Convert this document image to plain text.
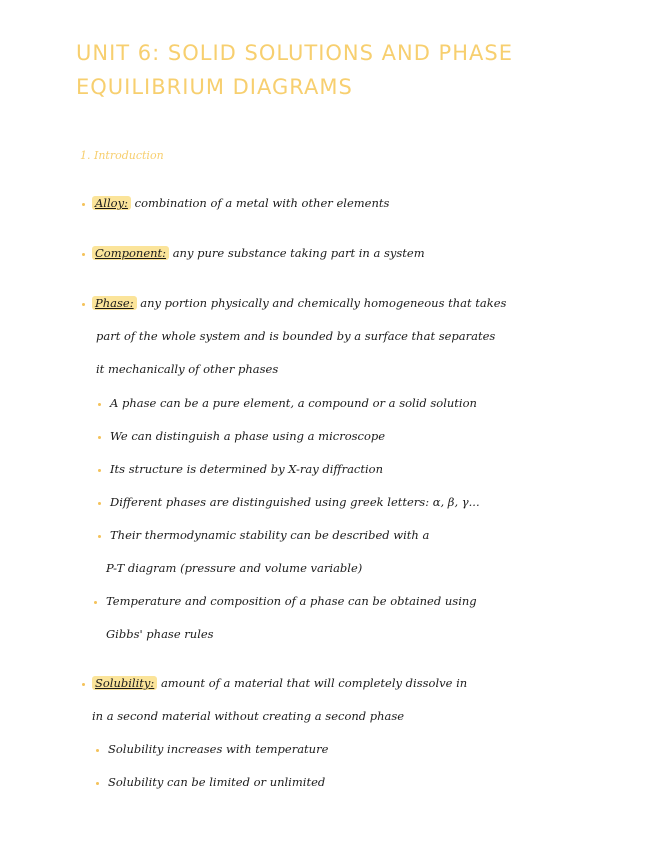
UNIT 6: SOLID SOLUTIONS AND PHASE
EQUILIBRIUM DIAGRAMS
1. Introduction
Alloy: combination of a metal with other elements
Component: any pure substance taking part in a system
Phase: any portion physically and chemically homogeneous that takes
part of the whole system and is bounded by a surface that separates
it mechanically of other phases
A phase can be a pure element, a compound or a solid solution
We can distinguish a phase using a microscope
Its structure is determined by X-ray diffraction
Different phases are distinguished using greek letters: α, β, γ...
Their thermodynamic stability can be described with a
P-T diagram (pressure and volume variable)
Temperature and composition of a phase can be obtained using
Gibbs' phase rules
Solubility: amount of a material that will completely dissolve in
in a second material without creating a second phase
Solubility increases with temperature
Solubility can be limited or unlimited
